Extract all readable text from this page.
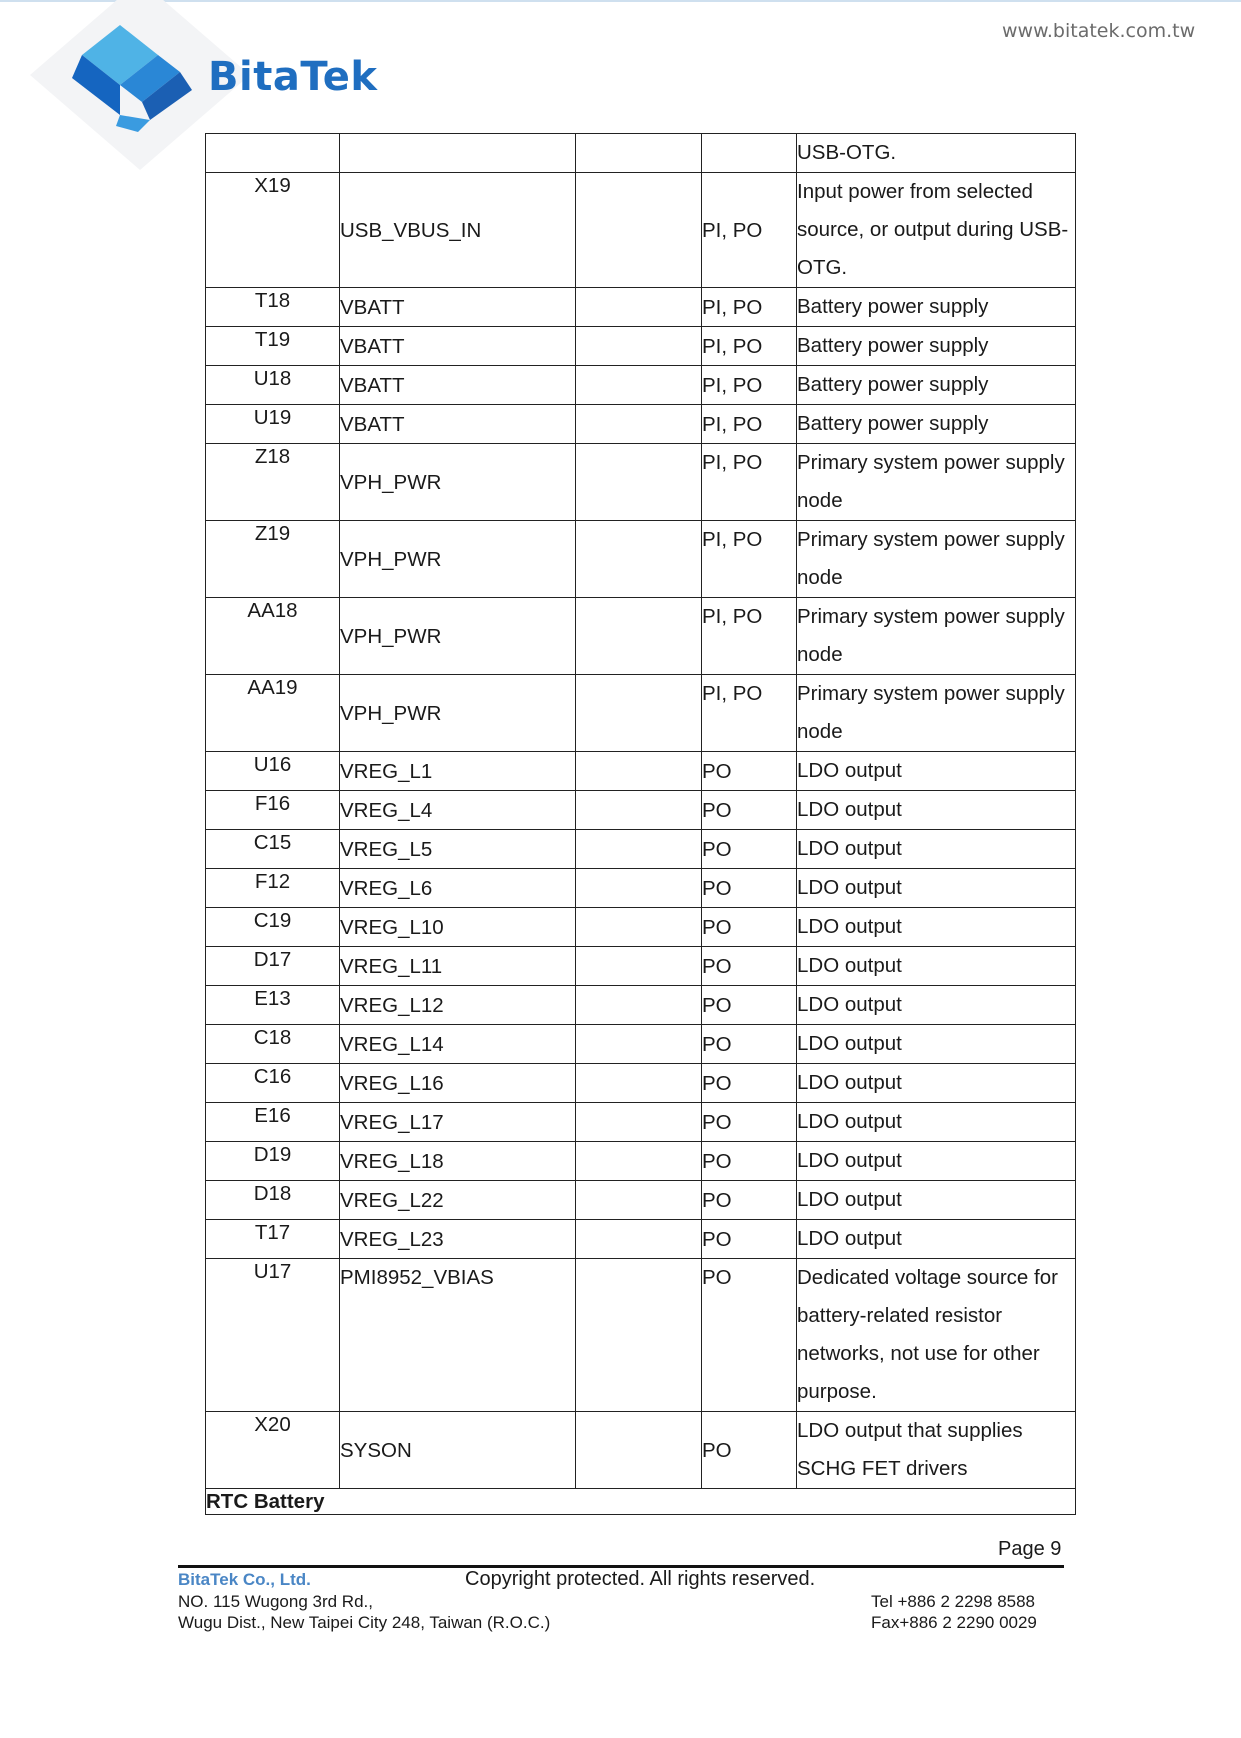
BitaTek
www.bitatek.com.tw
				USB-OTG.
X19	USB_VBUS_IN		PI, PO	Input power from selected source, or output during USB-OTG.
T18	VBATT		PI, PO	Battery power supply
T19	VBATT		PI, PO	Battery power supply
U18	VBATT		PI, PO	Battery power supply
U19	VBATT		PI, PO	Battery power supply
Z18	VPH_PWR		PI, PO	Primary system power supply node
Z19	VPH_PWR		PI, PO	Primary system power supply node
AA18	VPH_PWR		PI, PO	Primary system power supply node
AA19	VPH_PWR		PI, PO	Primary system power supply node
U16	VREG_L1		PO	LDO output
F16	VREG_L4		PO	LDO output
C15	VREG_L5		PO	LDO output
F12	VREG_L6		PO	LDO output
C19	VREG_L10		PO	LDO output
D17	VREG_L11		PO	LDO output
E13	VREG_L12		PO	LDO output
C18	VREG_L14		PO	LDO output
C16	VREG_L16		PO	LDO output
E16	VREG_L17		PO	LDO output
D19	VREG_L18		PO	LDO output
D18	VREG_L22		PO	LDO output
T17	VREG_L23		PO	LDO output
U17	PMI8952_VBIAS		PO	Dedicated voltage source for battery-related resistor networks, not use for other purpose.
X20	SYSON		PO	LDO output that supplies SCHG FET drivers
RTC Battery				
Page 9
BitaTek Co., Ltd.	Copyright protected. All rights reserved.
NO. 115 Wugong 3rd Rd.,
Wugu Dist., New Taipei City 248, Taiwan (R.O.C.)
Tel +886 2 2298 8588
Fax+886 2 2290 0029
